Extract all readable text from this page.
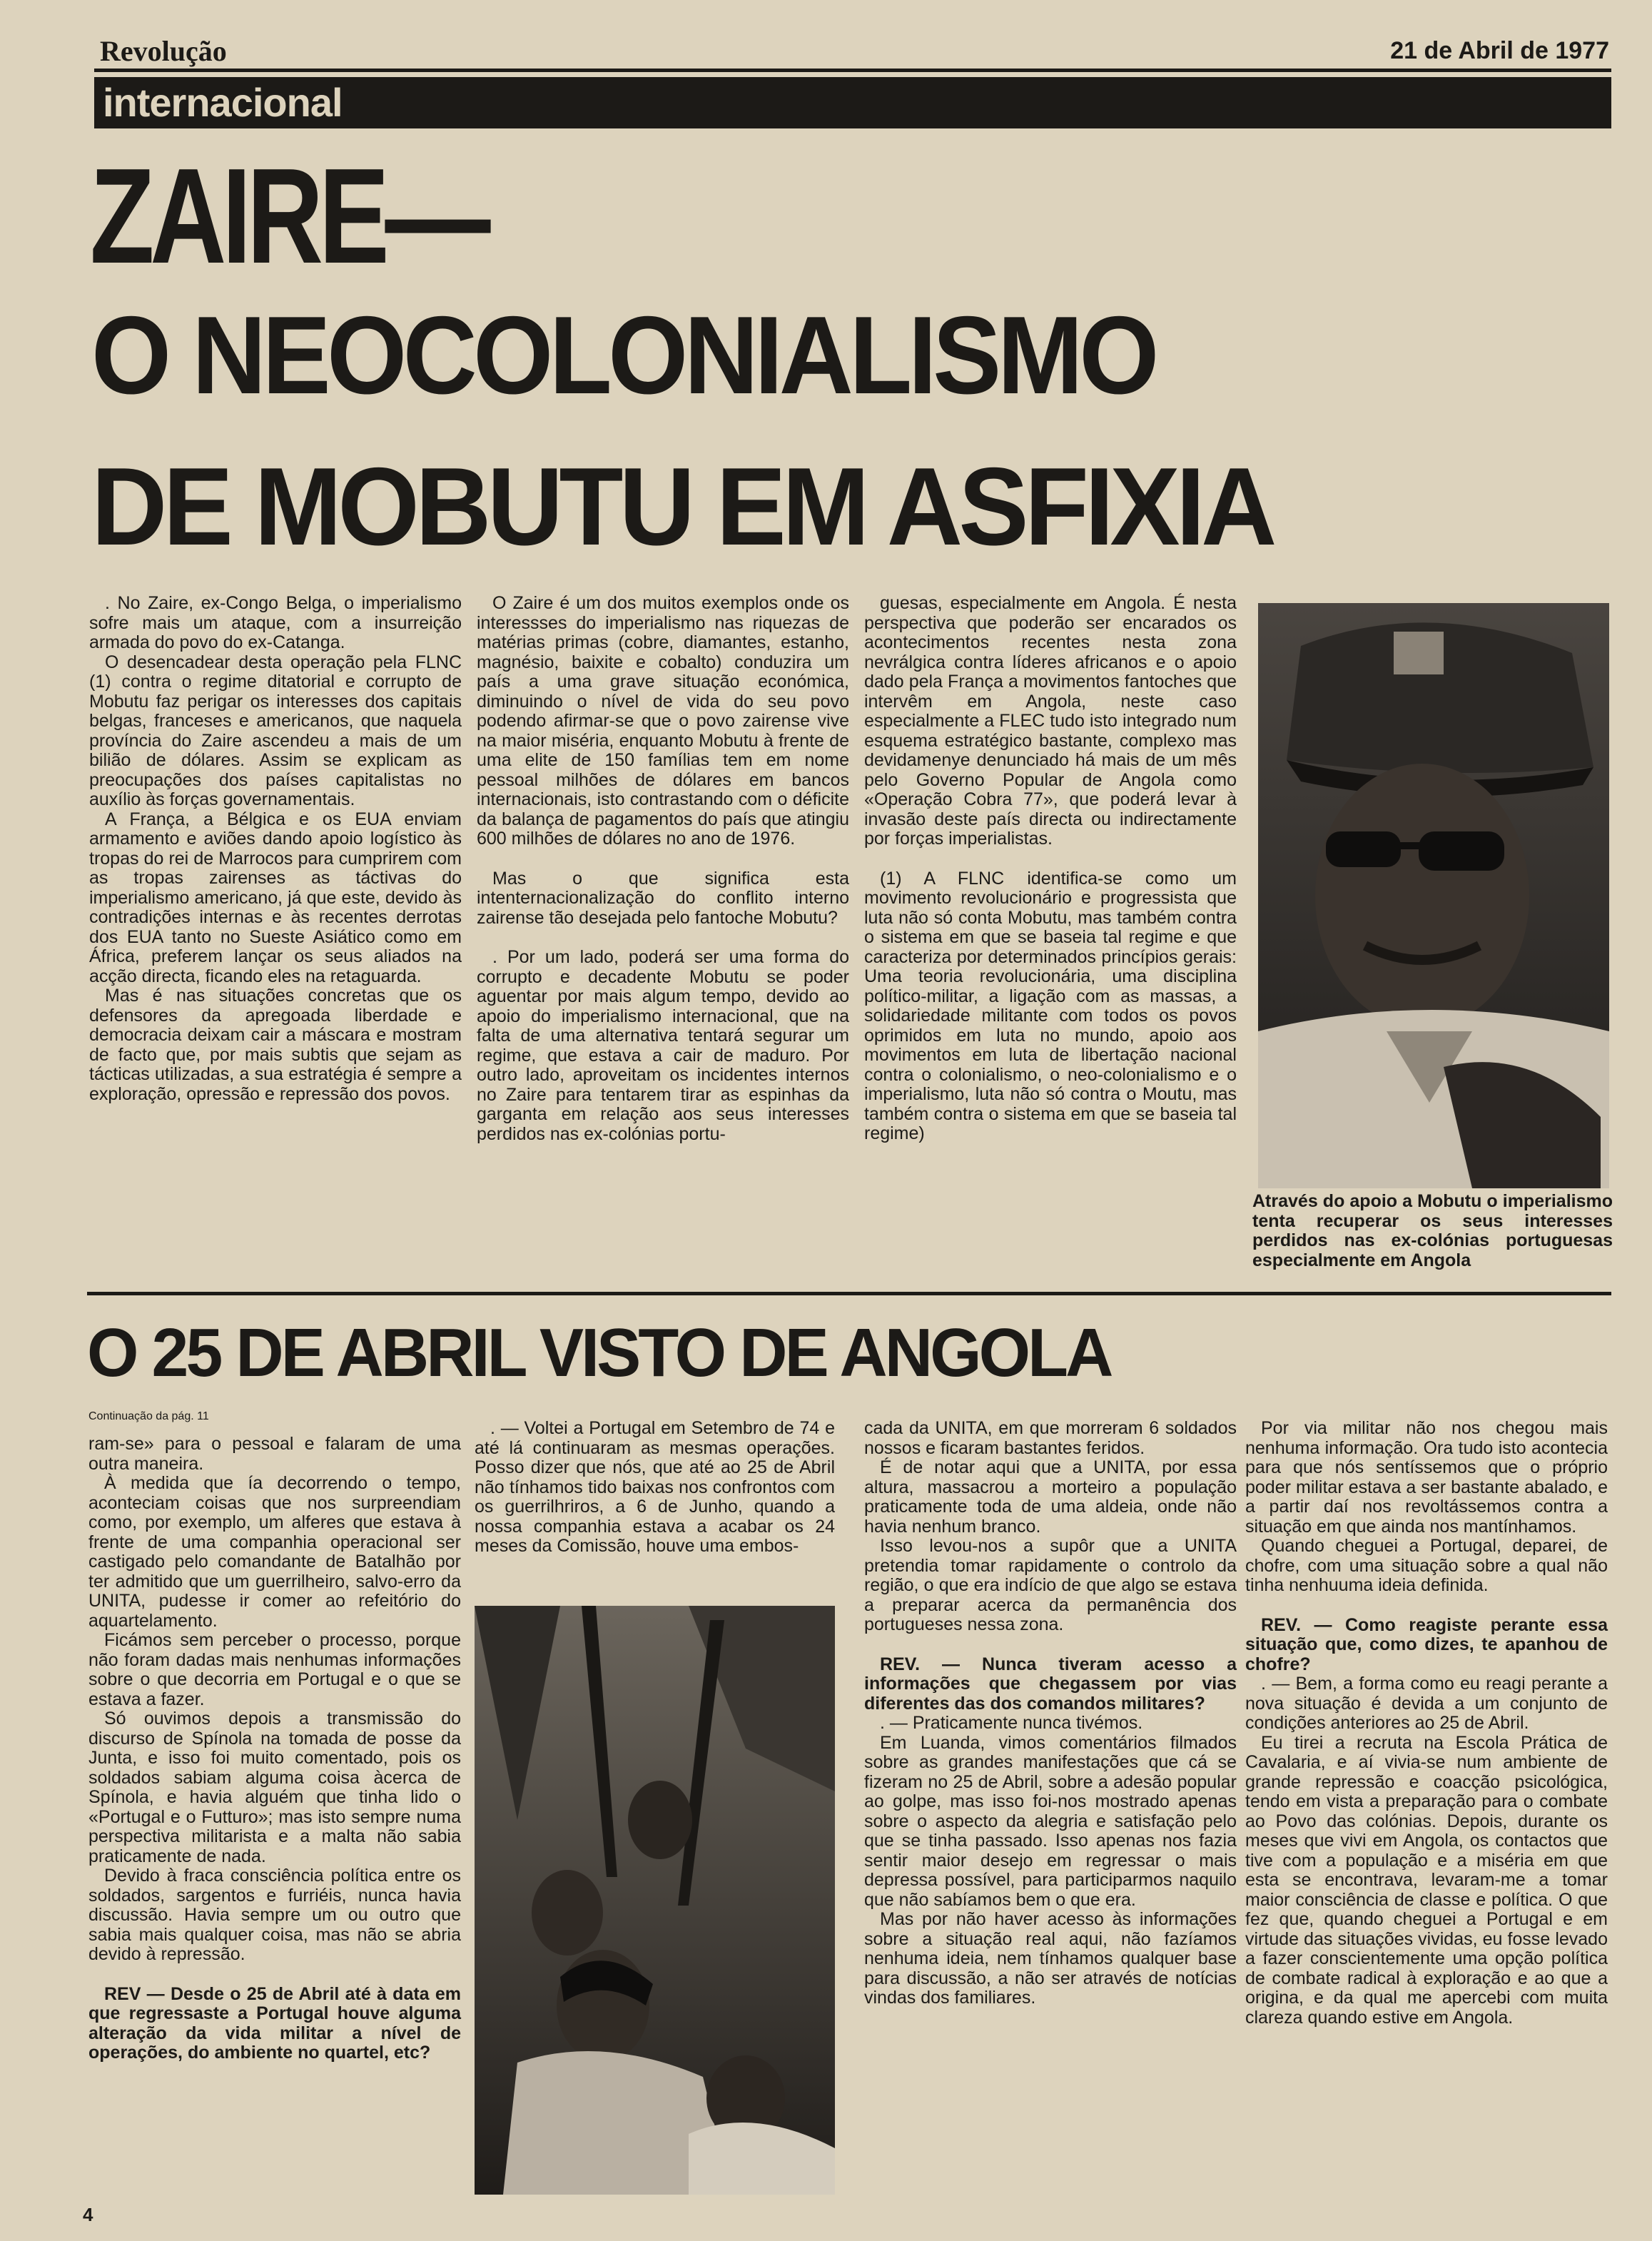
Revolução	21 de Abril de 1977
internacional
ZAIRE—
O NEOCOLONIALISMO
DE MOBUTU EM ASFIXIA

. No Zaire, ex-Congo Belga, o imperialismo sofre mais um ataque, com a insurreição armada do povo do ex-Catanga.

O desencadear desta operação pela FLNC (1) contra o regime ditatorial e corrupto de Mobutu faz perigar os interesses dos capitais belgas, franceses e americanos, que naquela província do Zaire ascendeu a mais de um bilião de dólares. Assim se explicam as preocupações dos países capitalistas no auxílio às forças governamentais.

A França, a Bélgica e os EUA enviam armamento e aviões dando apoio logístico às tropas do rei de Marrocos para cumprirem com as tropas zairenses as táctivas do imperialismo americano, já que este, devido às contradições internas e às recentes derrotas dos EUA tanto no Sueste Asiático como em África, preferem lançar os seus aliados na acção directa, ficando eles na retaguarda.

Mas é nas situações concretas que os defensores da apregoada liberdade e democracia deixam cair a máscara e mostram de facto que, por mais subtis que sejam as tácticas utilizadas, a sua estratégia é sempre a exploração, opressão e repressão dos povos.

O Zaire é um dos muitos exemplos onde os interessses do imperialismo nas riquezas de matérias primas (cobre, diamantes, estanho, magnésio, baixite e cobalto) conduzira um país a uma grave situação económica, diminuindo o nível de vida do seu povo podendo afirmar-se que o povo zairense vive na maior miséria, enquanto Mobutu à frente de uma elite de 150 famílias tem em nome pessoal milhões de dólares em bancos internacionais, isto contrastando com o déficite da balança de pagamentos do país que atingiu 600 milhões de dólares no ano de 1976.

Mas o que significa esta intenternacionalização do conflito interno zairense tão desejada pelo fantoche Mobutu?

. Por um lado, poderá ser uma forma do corrupto e decadente Mobutu se poder aguentar por mais algum tempo, devido ao apoio do imperialismo internacional, que na falta de uma alternativa tentará segurar um regime, que estava a cair de maduro. Por outro lado, aproveitam os incidentes internos no Zaire para tentarem tirar as espinhas da garganta em relação aos seus interesses perdidos nas ex-colónias portu-

guesas, especialmente em Angola. É nesta perspectiva que poderão ser encarados os acontecimentos recentes nesta zona nevrálgica contra líderes africanos e o apoio dado pela França a movimentos fantoches que intervêm em Angola, neste caso especialmente a FLEC tudo isto integrado num esquema estratégico bastante, complexo mas devidamenye denunciado há mais de um mês pelo Governo Popular de Angola como «Operação Cobra 77», que poderá levar à invasão deste país directa ou indirectamente por forças imperialistas.

(1) A FLNC identifica-se como um movimento revolucionário e progressista que luta não só conta Mobutu, mas também contra o sistema em que se baseia tal regime e que caracteriza por determinados princípios gerais: Uma teoria revolucionária, uma disciplina político-militar, a ligação com as massas, a solidariedade militante com todos os povos oprimidos em luta no mundo, apoio aos movimentos em luta de libertação nacional contra o colonialismo, o neo-colonialismo e o imperialismo, luta não só contra o Moutu, mas também contra o sistema em que se baseia tal regime)

Através do apoio a Mobutu o imperialismo tenta recuperar os seus interesses perdidos nas ex-colónias portuguesas especialmente em Angola
O 25 DE ABRIL VISTO DE ANGOLA
Continuação da pág. 11

ram-se» para o pessoal e falaram de uma outra maneira.

À medida que ía decorrendo o tempo, aconteciam coisas que nos surpreendiam como, por exemplo, um alferes que estava à frente de uma companhia operacional ser castigado pelo comandante de Batalhão por ter admitido que um guerrilheiro, salvo-erro da UNITA, pudesse ir comer ao refeitório do aquartelamento.

Ficámos sem perceber o processo, porque não foram dadas mais nenhumas informações sobre o que decorria em Portugal e o que se estava a fazer.

Só ouvimos depois a transmissão do discurso de Spínola na tomada de posse da Junta, e isso foi muito comentado, pois os soldados sabiam alguma coisa àcerca de Spínola, e havia alguém que tinha lido o «Portugal e o Futturo»; mas isto sempre numa perspectiva militarista e a malta não sabia praticamente de nada.

Devido à fraca consciência política entre os soldados, sargentos e furriéis, nunca havia discussão. Havia sempre um ou outro que sabia mais qualquer coisa, mas não se abria devido à repressão.

REV — Desde o 25 de Abril até à data em que regressaste a Portugal houve alguma alteração da vida militar a nível de operações, do ambiente no quartel, etc?

. — Voltei a Portugal em Setembro de 74 e até lá continuaram as mesmas operações. Posso dizer que nós, que até ao 25 de Abril não tínhamos tido baixas nos confrontos com os guerrilhriros, a 6 de Junho, quando a nossa companhia estava a acabar os 24 meses da Comissão, houve uma embos-

cada da UNITA, em que morreram 6 soldados nossos e ficaram bastantes feridos.

É de notar aqui que a UNITA, por essa altura, massacrou a morteiro a população praticamente toda de uma aldeia, onde não havia nenhum branco.

Isso levou-nos a supôr que a UNITA pretendia tomar rapidamente o controlo da região, o que era indício de que algo se estava a preparar acerca da permanência dos portugueses nessa zona.

REV. — Nunca tiveram acesso a informações que chegassem por vias diferentes das dos comandos militares?

. — Praticamente nunca tivémos.

Em Luanda, vimos comentários filmados sobre as grandes manifestações que cá se fizeram no 25 de Abril, sobre a adesão popular ao golpe, mas isso foi-nos mostrado apenas sobre o aspecto da alegria e satisfação pelo que se tinha passado. Isso apenas nos fazia sentir maior desejo em regressar o mais depressa possível, para participarmos naquilo que não sabíamos bem o que era.

Mas por não haver acesso às informações sobre a situação real aqui, não fazíamos nenhuma ideia, nem tínhamos qualquer base para discussão, a não ser através de notícias vindas dos familiares.

Por via militar não nos chegou mais nenhuma informação. Ora tudo isto acontecia para que nós sentíssemos que o próprio poder militar estava a ser bastante abalado, e a partir daí nos revoltássemos contra a situação em que ainda nos mantínhamos.

Quando cheguei a Portugal, deparei, de chofre, com uma situação sobre a qual não tinha nenhuuma ideia definida.

REV. — Como reagiste perante essa situação que, como dizes, te apanhou de chofre?

. — Bem, a forma como eu reagi perante a nova situação é devida a um conjunto de condições anteriores ao 25 de Abril.

Eu tirei a recruta na Escola Prática de Cavalaria, e aí vivia-se num ambiente de grande repressão e coacção psicológica, tendo em vista a preparação para o combate ao Povo das colónias. Depois, durante os meses que vivi em Angola, os contactos que tive com a população e a miséria em que esta se encontrava, levaram-me a tomar maior consciência de classe e política. O que fez que, quando cheguei a Portugal e em virtude das situações vividas, eu fosse levado a fazer conscientemente uma opção política de combate radical à exploração e ao que a origina, e da qual me apercebi com muita clareza quando estive em Angola.

4
